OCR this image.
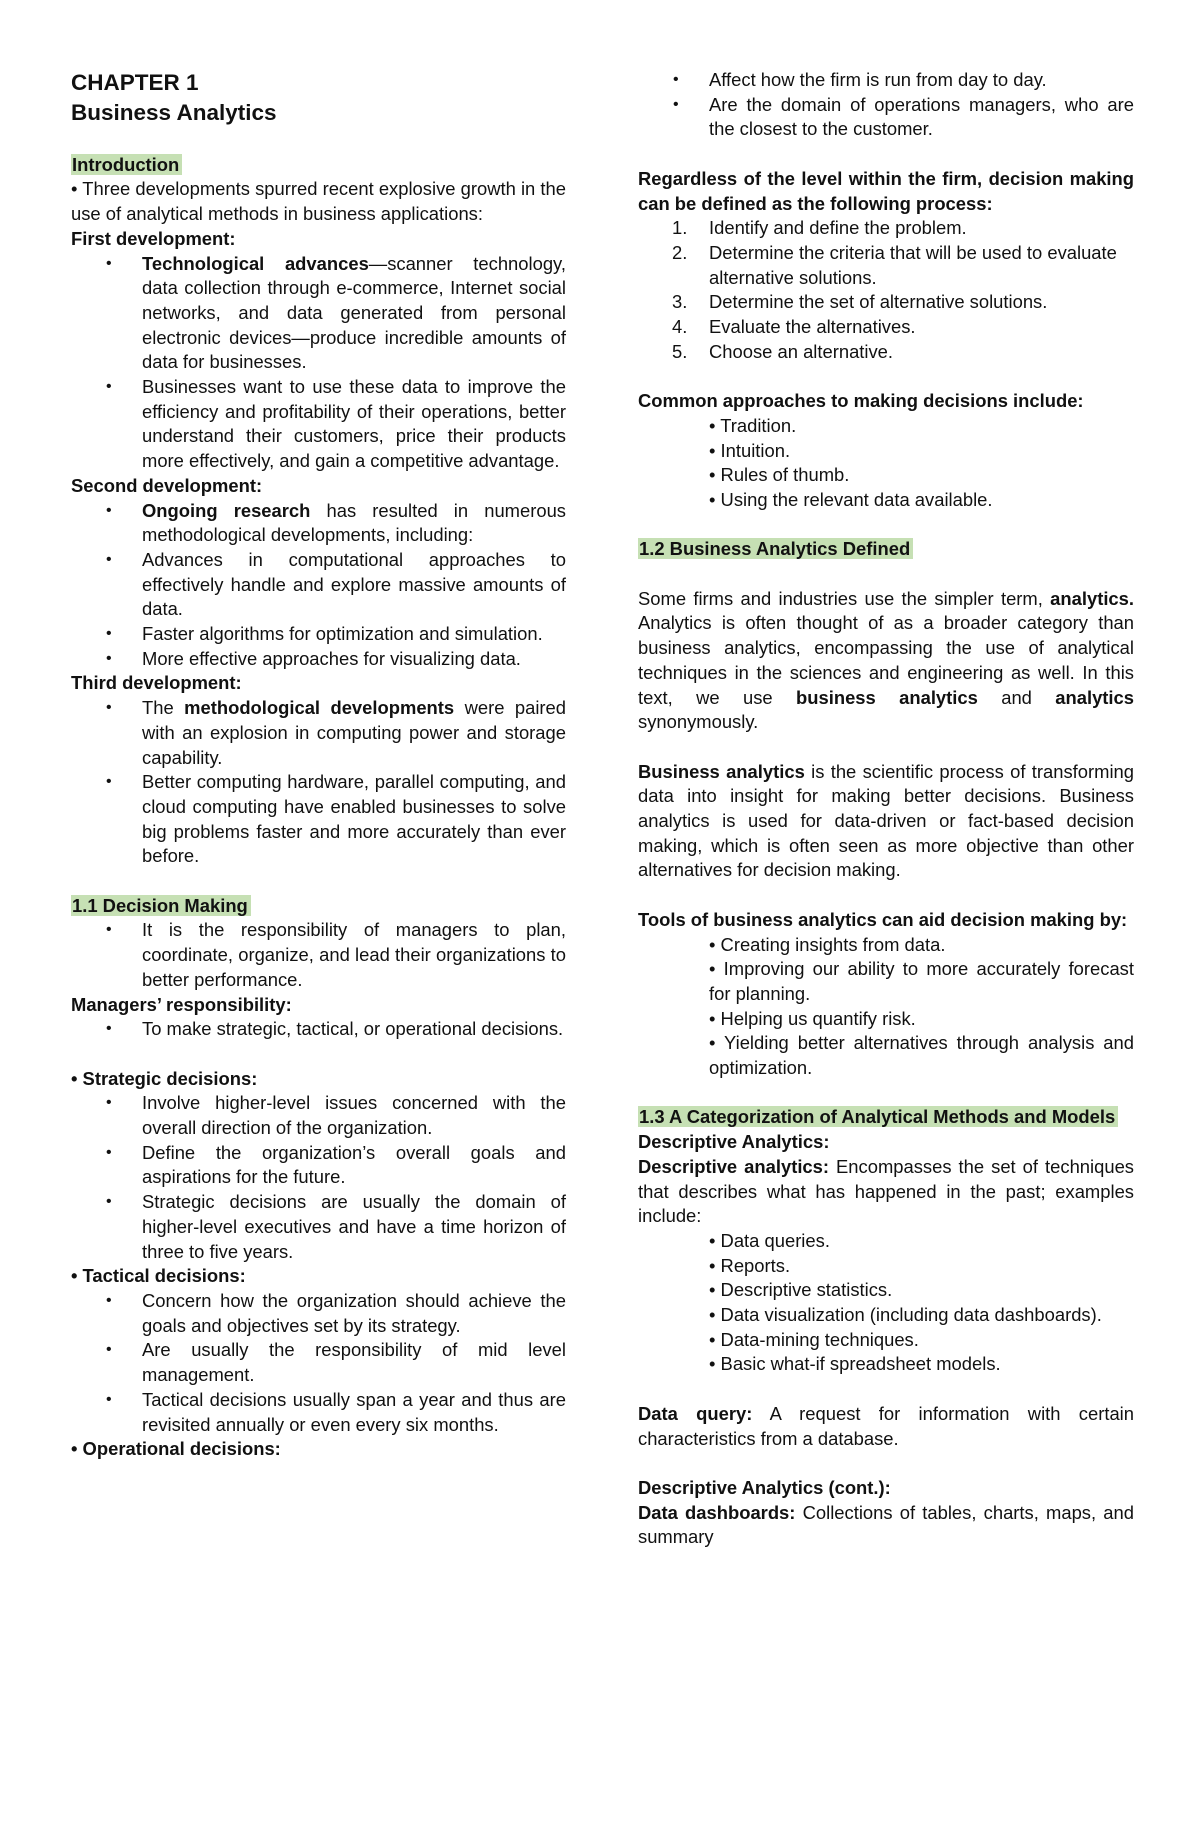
CHAPTER 1

Business Analytics

Introduction

• Three developments spurred recent explosive growth in the use of analytical methods in business applications:

First development:

• Technological advances—scanner technology, data collection through e-commerce, Internet social networks, and data generated from personal electronic devices—produce incredible amounts of data for businesses.
• Businesses want to use these data to improve the efficiency and profitability of their operations, better understand their customers, price their products more effectively, and gain a competitive advantage.

Second development:

• Ongoing research has resulted in numerous methodological developments, including:
• Advances in computational approaches to effectively handle and explore massive amounts of data.
• Faster algorithms for optimization and simulation.
• More effective approaches for visualizing data.

Third development:

• The methodological developments were paired with an explosion in computing power and storage capability.
• Better computing hardware, parallel computing, and cloud computing have enabled businesses to solve big problems faster and more accurately than ever before.

1.1 Decision Making

• It is the responsibility of managers to plan, coordinate, organize, and lead their organizations to better performance.

Managers’ responsibility:

• To make strategic, tactical, or operational decisions.

• Strategic decisions:

• Involve higher-level issues concerned with the overall direction of the organization.
• Define the organization’s overall goals and aspirations for the future.
• Strategic decisions are usually the domain of higher-level executives and have a time horizon of three to five years.

• Tactical decisions:

• Concern how the organization should achieve the goals and objectives set by its strategy.
• Are usually the responsibility of mid level management.
• Tactical decisions usually span a year and thus are revisited annually or even every six months.

• Operational decisions:

• Affect how the firm is run from day to day.
• Are the domain of operations managers, who are the closest to the customer.

Regardless of the level within the firm, decision making can be defined as the following process:

1. Identify and define the problem.
2. Determine the criteria that will be used to evaluate alternative solutions.
3. Determine the set of alternative solutions.
4. Evaluate the alternatives.
5. Choose an alternative.

Common approaches to making decisions include:

• Tradition.

• Intuition.

• Rules of thumb.

• Using the relevant data available.

1.2 Business Analytics Defined

Some firms and industries use the simpler term, analytics. Analytics is often thought of as a broader category than business analytics, encompassing the use of analytical techniques in the sciences and engineering as well. In this text, we use business analytics and analytics synonymously.

Business analytics is the scientific process of transforming data into insight for making better decisions. Business analytics is used for data-driven or fact-based decision making, which is often seen as more objective than other alternatives for decision making.

Tools of business analytics can aid decision making by:

• Creating insights from data.

• Improving our ability to more accurately forecast for planning.

• Helping us quantify risk.

• Yielding better alternatives through analysis and optimization.

1.3 A Categorization of Analytical Methods and Models

Descriptive Analytics:

Descriptive analytics: Encompasses the set of techniques that describes what has happened in the past; examples include:

• Data queries.

• Reports.

• Descriptive statistics.

• Data visualization (including data dashboards).

• Data-mining techniques.

• Basic what-if spreadsheet models.

Data query: A request for information with certain characteristics from a database.

Descriptive Analytics (cont.):

Data dashboards: Collections of tables, charts, maps, and summary
